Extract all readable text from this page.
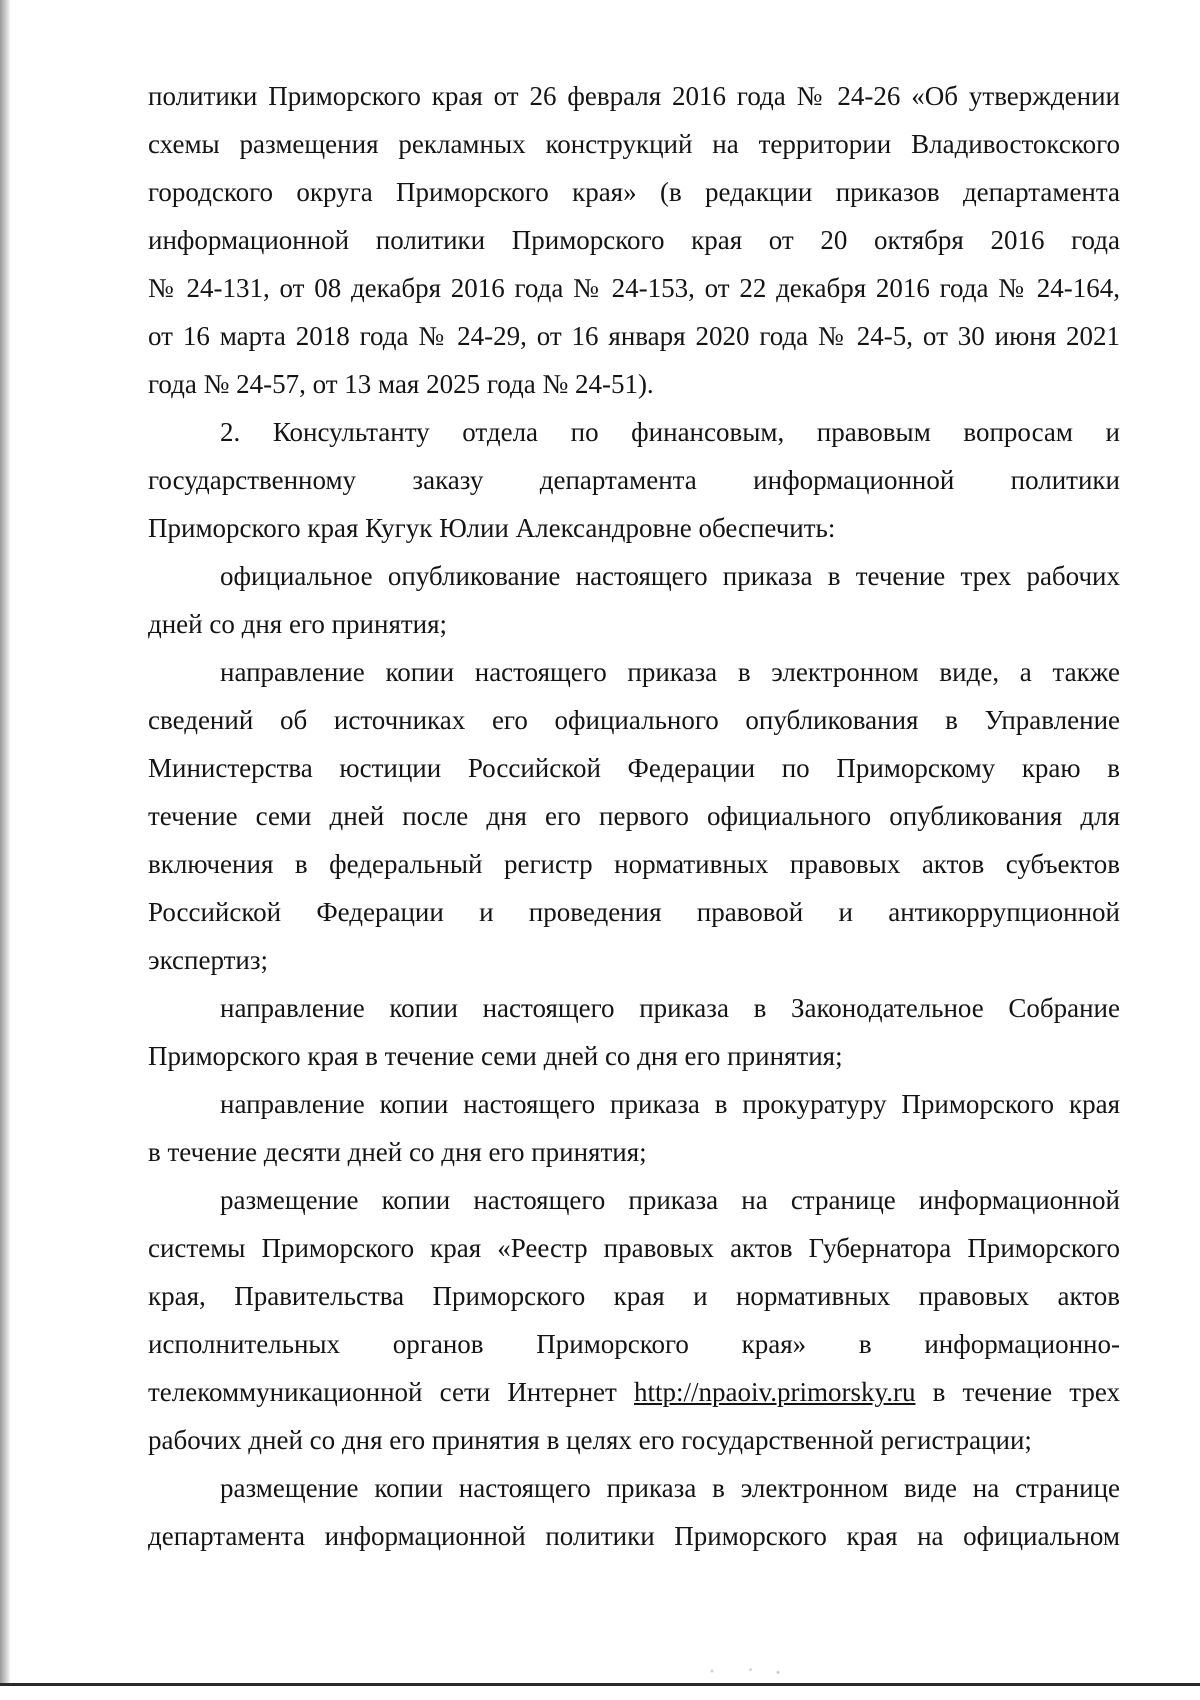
политики Приморского края от 26 февраля 2016 года № 24-26 «Об утверждении
схемы размещения рекламных конструкций на территории Владивостокского
городского округа Приморского края» (в редакции приказов департамента
информационной политики Приморского края от 20 октября 2016 года
№ 24-131, от 08 декабря 2016 года № 24-153, от 22 декабря 2016 года № 24-164,
от 16 марта 2018 года № 24-29, от 16 января 2020 года № 24-5, от 30 июня 2021
года № 24-57, от 13 мая 2025 года № 24-51).
2. Консультанту отдела по финансовым, правовым вопросам и
государственному заказу департамента информационной политики
Приморского края Кугук Юлии Александровне обеспечить:
официальное опубликование настоящего приказа в течение трех рабочих
дней со дня его принятия;
направление копии настоящего приказа в электронном виде, а также
сведений об источниках его официального опубликования в Управление
Министерства юстиции Российской Федерации по Приморскому краю в
течение семи дней после дня его первого официального опубликования для
включения в федеральный регистр нормативных правовых актов субъектов
Российской Федерации и проведения правовой и антикоррупционной
экспертиз;
направление копии настоящего приказа в Законодательное Собрание
Приморского края в течение семи дней со дня его принятия;
направление копии настоящего приказа в прокуратуру Приморского края
в течение десяти дней со дня его принятия;
размещение копии настоящего приказа на странице информационной
системы Приморского края «Реестр правовых актов Губернатора Приморского
края, Правительства Приморского края и нормативных правовых актов
исполнительных органов Приморского края» в информационно-
телекоммуникационной сети Интернет http://npaoiv.primorsky.ru в течение трех
рабочих дней со дня его принятия в целях его государственной регистрации;
размещение копии настоящего приказа в электронном виде на странице
департамента информационной политики Приморского края на официальном
